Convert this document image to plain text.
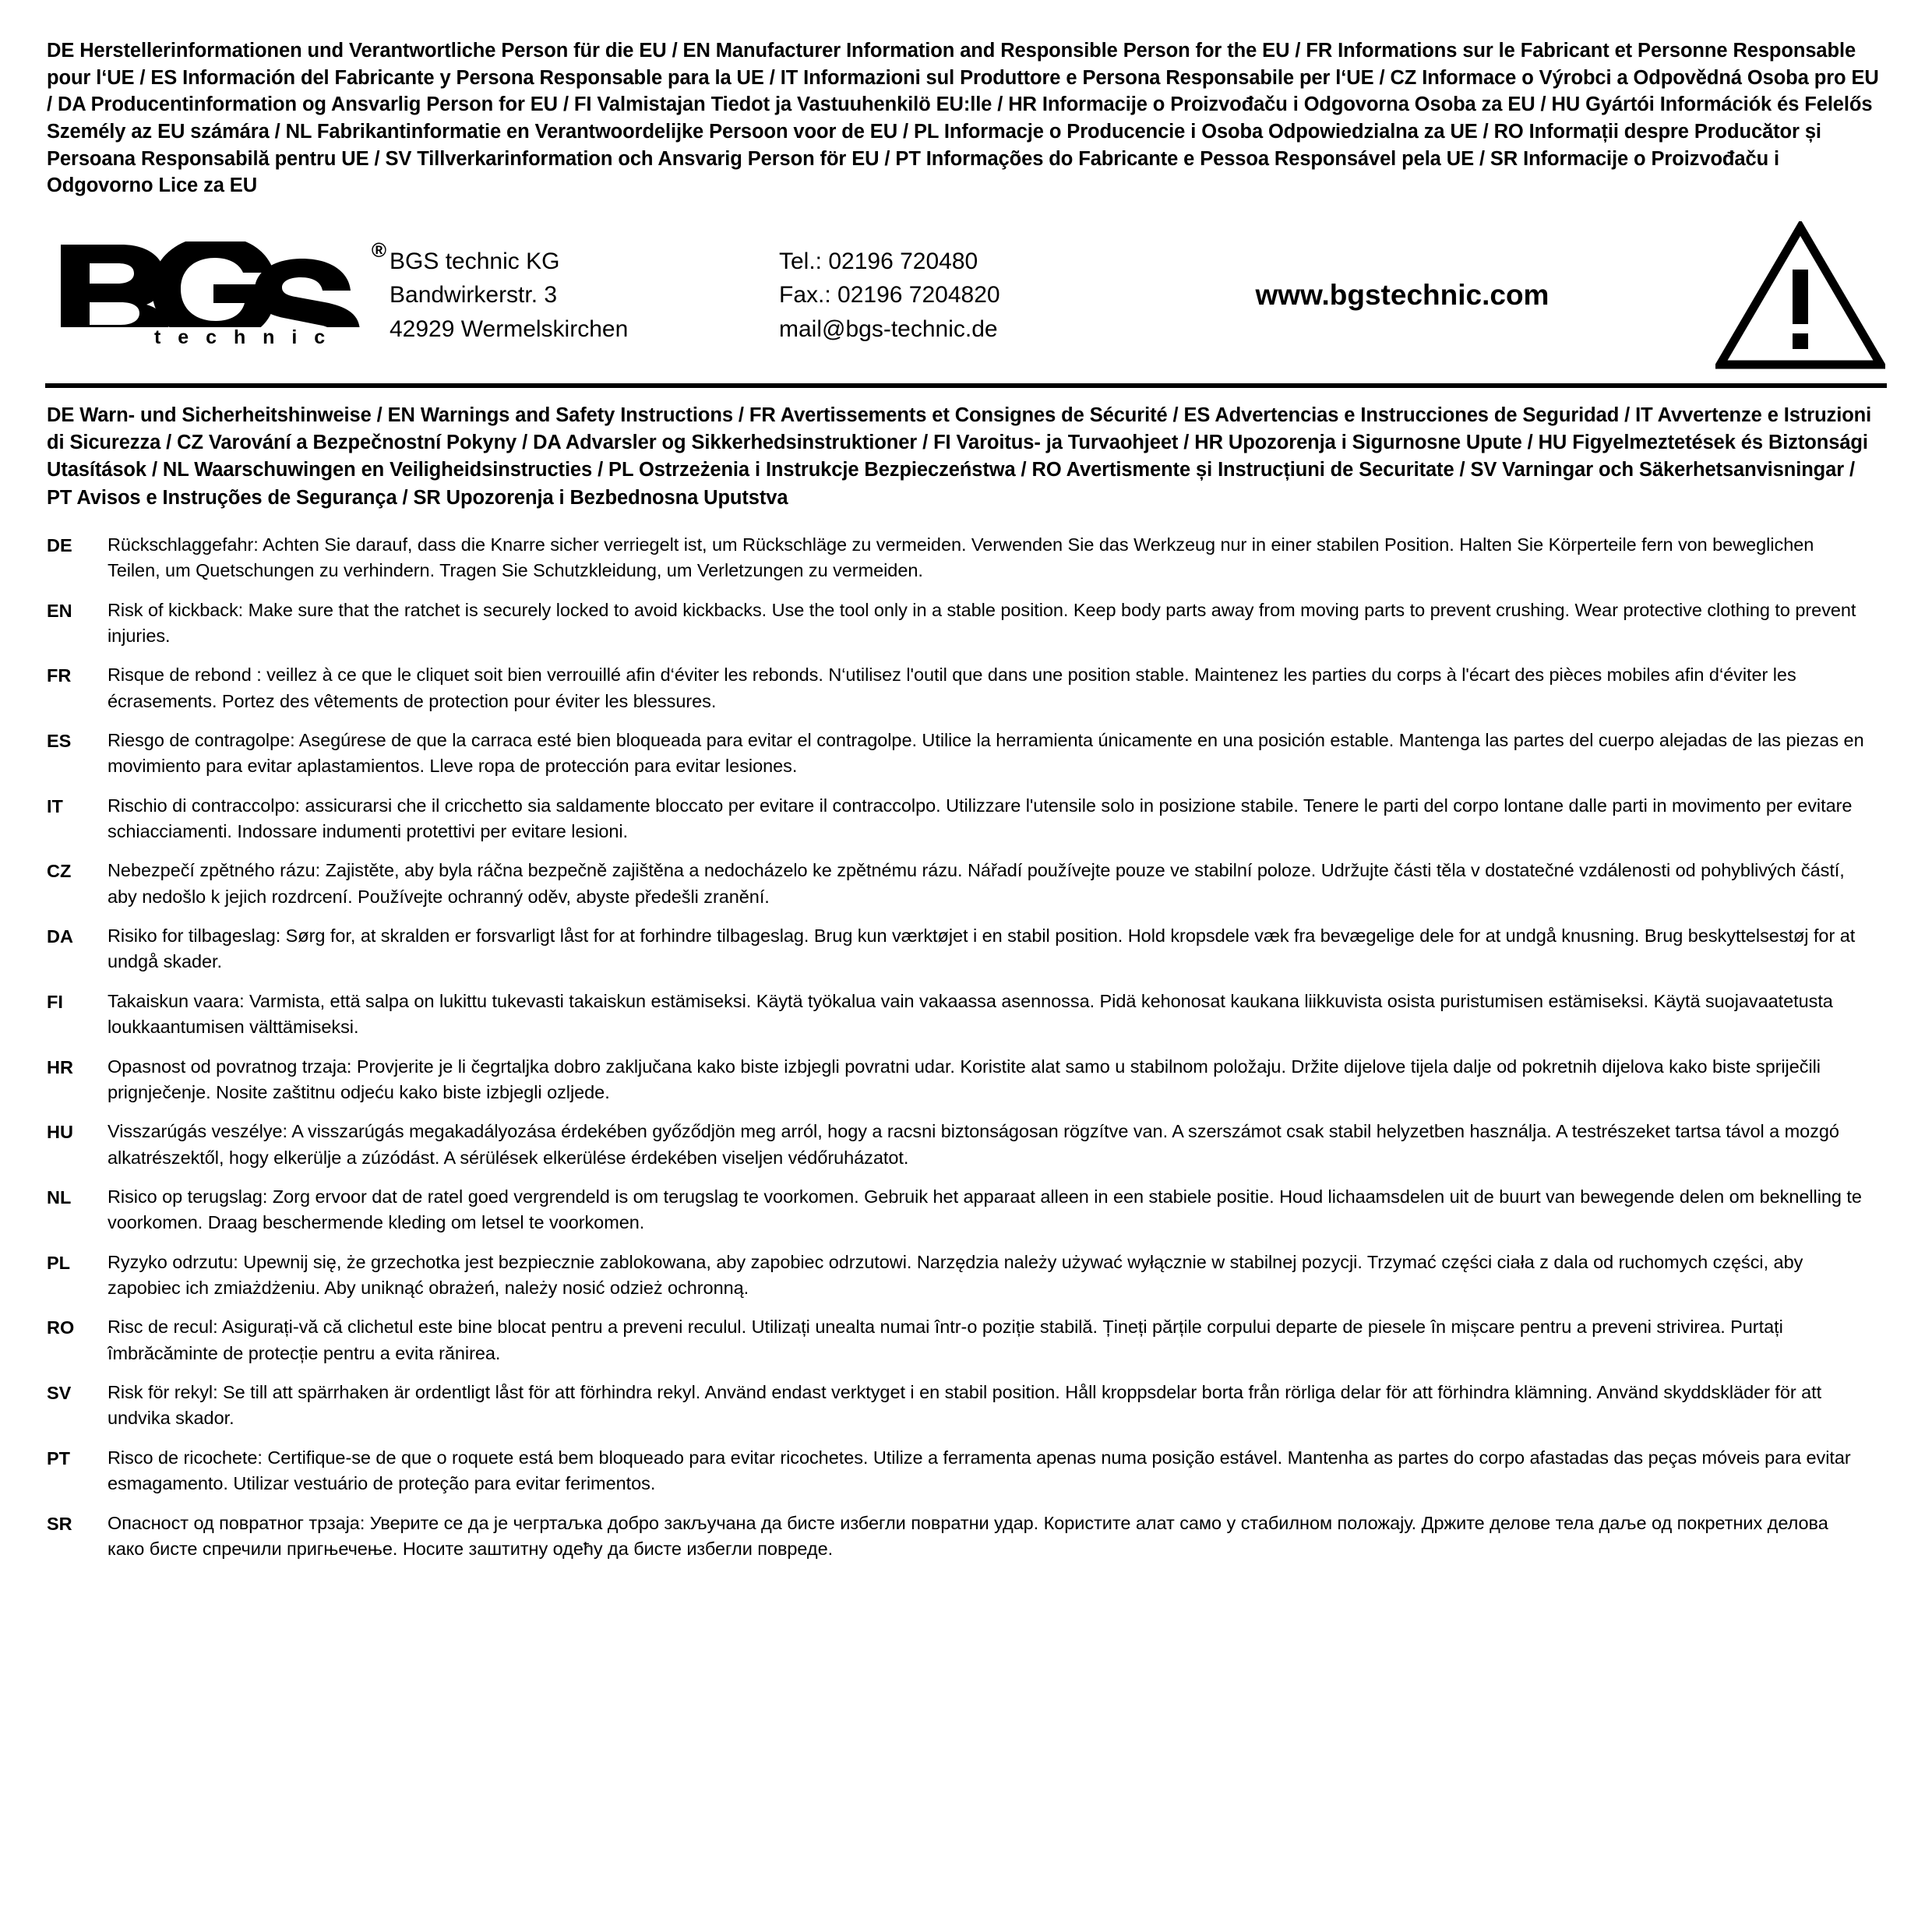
DE Herstellerinformationen und Verantwortliche Person für die EU / EN Manufacturer Information and Responsible Person for the EU / FR Informations sur le Fabricant et Personne Responsable pour l‘UE / ES Información del Fabricante y Persona Responsable para la UE / IT Informazioni sul Produttore e Persona Responsabile per l‘UE / CZ Informace o Výrobci a Odpovědná Osoba pro EU / DA Producentinformation og Ansvarlig Person for EU / FI Valmistajan Tiedot ja Vastuuhenkilö EU:lle / HR Informacije o Proizvođaču i Odgovorna Osoba za EU / HU Gyártói Információk és Felelős Személy az EU számára / NL Fabrikantinformatie en Verantwoordelijke Persoon voor de EU / PL Informacje o Producencie i Osoba Odpowiedzialna za UE / RO Informații despre Producător și Persoana Responsabilă pentru UE / SV Tillverkarinformation och Ansvarig Person för EU / PT Informações do Fabricante e Pessoa Responsável pela UE / SR Informacije o Proizvođaču i Odgovorno Lice za EU
®
t e c h n i c
BGS technic KG
Bandwirkerstr. 3
42929 Wermelskirchen
Tel.: 02196 720480
Fax.: 02196 7204820
mail@bgs-technic.de
www.bgstechnic.com
DE Warn- und Sicherheitshinweise / EN Warnings and Safety Instructions / FR Avertissements et Consignes de Sécurité / ES Advertencias e Instrucciones de Seguridad / IT Avvertenze e Istruzioni di Sicurezza / CZ Varování a Bezpečnostní Pokyny / DA Advarsler og Sikkerhedsinstruktioner / FI Varoitus- ja Turvaohjeet / HR Upozorenja i Sigurnosne Upute / HU Figyelmeztetések és Biztonsági Utasítások / NL Waarschuwingen en Veiligheidsinstructies / PL Ostrzeżenia i Instrukcje Bezpieczeństwa / RO Avertismente și Instrucțiuni de Securitate / SV Varningar och Säkerhetsanvisningar / PT Avisos e Instruções de Segurança / SR Upozorenja i Bezbednosna Uputstva
DE	Rückschlaggefahr: Achten Sie darauf, dass die Knarre sicher verriegelt ist, um Rückschläge zu vermeiden. Verwenden Sie das Werkzeug nur in einer stabilen Position. Halten Sie Körperteile fern von beweglichen Teilen, um Quetschungen zu verhindern. Tragen Sie Schutzkleidung, um Verletzungen zu vermeiden.
EN	Risk of kickback: Make sure that the ratchet is securely locked to avoid kickbacks. Use the tool only in a stable position. Keep body parts away from moving parts to prevent crushing. Wear protective clothing to prevent injuries.
FR	Risque de rebond : veillez à ce que le cliquet soit bien verrouillé afin d‘éviter les rebonds. N‘utilisez l'outil que dans une position stable. Maintenez les parties du corps à l'écart des pièces mobiles afin d‘éviter les écrasements. Portez des vêtements de protection pour éviter les blessures.
ES	Riesgo de contragolpe: Asegúrese de que la carraca esté bien bloqueada para evitar el contragolpe. Utilice la herramienta únicamente en una posición estable. Mantenga las partes del cuerpo alejadas de las piezas en movimiento para evitar aplastamientos. Lleve ropa de protección para evitar lesiones.
IT	Rischio di contraccolpo: assicurarsi che il cricchetto sia saldamente bloccato per evitare il contraccolpo. Utilizzare l'utensile solo in posizione stabile. Tenere le parti del corpo lontane dalle parti in movimento per evitare schiacciamenti. Indossare indumenti protettivi per evitare lesioni.
CZ	Nebezpečí zpětného rázu: Zajistěte, aby byla ráčna bezpečně zajištěna a nedocházelo ke zpětnému rázu. Nářadí používejte pouze ve stabilní poloze. Udržujte části těla v dostatečné vzdálenosti od pohyblivých částí, aby nedošlo k jejich rozdrcení. Používejte ochranný oděv, abyste předešli zranění.
DA	Risiko for tilbageslag: Sørg for, at skralden er forsvarligt låst for at forhindre tilbageslag. Brug kun værktøjet i en stabil position. Hold kropsdele væk fra bevægelige dele for at undgå knusning. Brug beskyttelsestøj for at undgå skader.
FI	Takaiskun vaara: Varmista, että salpa on lukittu tukevasti takaiskun estämiseksi. Käytä työkalua vain vakaassa asennossa. Pidä kehonosat kaukana liikkuvista osista puristumisen estämiseksi. Käytä suojavaatetusta loukkaantumisen välttämiseksi.
HR	Opasnost od povratnog trzaja: Provjerite je li čegrtaljka dobro zaključana kako biste izbjegli povratni udar. Koristite alat samo u stabilnom položaju. Držite dijelove tijela dalje od pokretnih dijelova kako biste spriječili prignječenje. Nosite zaštitnu odjeću kako biste izbjegli ozljede.
HU	Visszarúgás veszélye: A visszarúgás megakadályozása érdekében győződjön meg arról, hogy a racsni biztonságosan rögzítve van. A szerszámot csak stabil helyzetben használja. A testrészeket tartsa távol a mozgó alkatrészektől, hogy elkerülje a zúzódást. A sérülések elkerülése érdekében viseljen védőruházatot.
NL	Risico op terugslag: Zorg ervoor dat de ratel goed vergrendeld is om terugslag te voorkomen. Gebruik het apparaat alleen in een stabiele positie. Houd lichaamsdelen uit de buurt van bewegende delen om beknelling te voorkomen. Draag beschermende kleding om letsel te voorkomen.
PL	Ryzyko odrzutu: Upewnij się, że grzechotka jest bezpiecznie zablokowana, aby zapobiec odrzutowi. Narzędzia należy używać wyłącznie w stabilnej pozycji. Trzymać części ciała z dala od ruchomych części, aby zapobiec ich zmiażdżeniu. Aby uniknąć obrażeń, należy nosić odzież ochronną.
RO	Risc de recul: Asigurați-vă că clichetul este bine blocat pentru a preveni reculul. Utilizați unealta numai într-o poziție stabilă. Țineți părțile corpului departe de piesele în mișcare pentru a preveni strivirea. Purtați îmbrăcăminte de protecție pentru a evita rănirea.
SV	Risk för rekyl: Se till att spärrhaken är ordentligt låst för att förhindra rekyl. Använd endast verktyget i en stabil position. Håll kroppsdelar borta från rörliga delar för att förhindra klämning. Använd skyddskläder för att undvika skador.
PT	Risco de ricochete: Certifique-se de que o roquete está bem bloqueado para evitar ricochetes. Utilize a ferramenta apenas numa posição estável. Mantenha as partes do corpo afastadas das peças móveis para evitar esmagamento. Utilizar vestuário de proteção para evitar ferimentos.
SR	Опасност од повратног трзаја: Уверите се да је чегртаљка добро закључана да бисте избегли повратни удар. Користите алат само у стабилном положају. Држите делове тела даље од покретних делова како бисте спречили пригњечење. Носите заштитну одећу да бисте избегли повреде.
